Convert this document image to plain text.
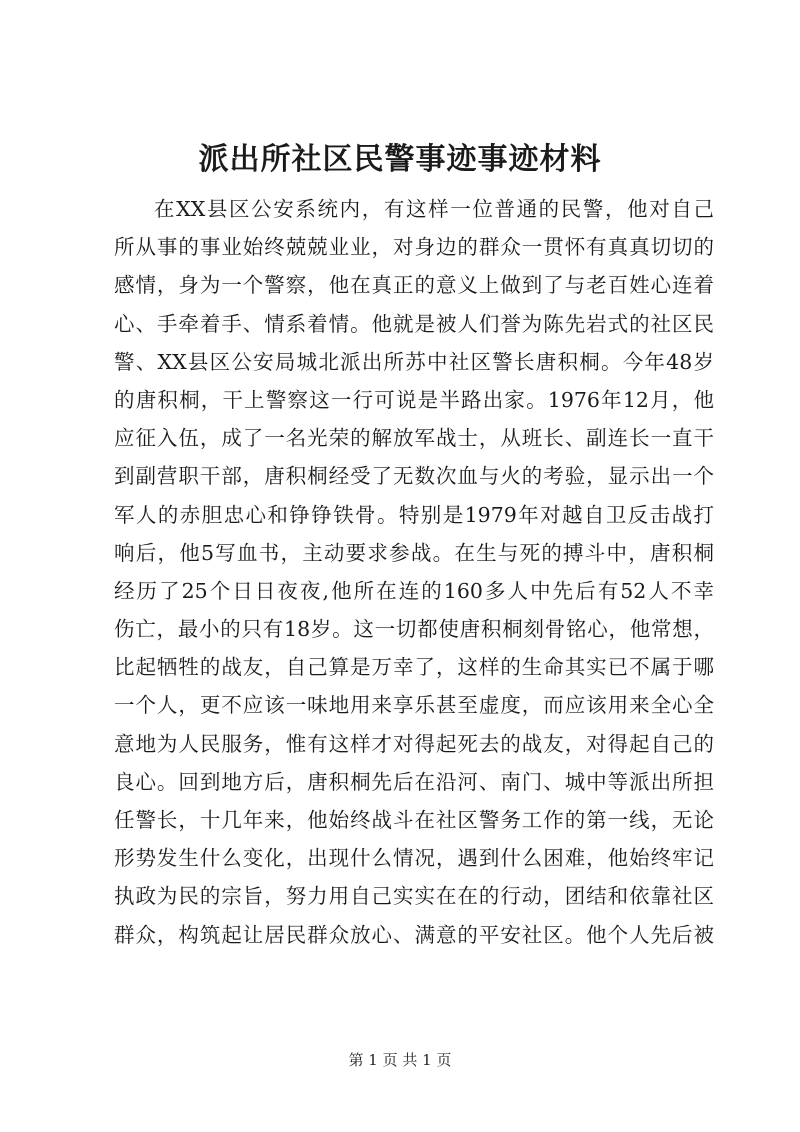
派出所社区民警事迹事迹材料
在XX县区公安系统内，有这样一位普通的民警，他对自己
所从事的事业始终兢兢业业，对身边的群众一贯怀有真真切切的
感情，身为一个警察，他在真正的意义上做到了与老百姓心连着
心、手牵着手、情系着情。他就是被人们誉为陈先岩式的社区民
警、XX县区公安局城北派出所苏中社区警长唐积桐。今年48岁
的唐积桐，干上警察这一行可说是半路出家。1976年12月，他
应征入伍，成了一名光荣的解放军战士，从班长、副连长一直干
到副营职干部，唐积桐经受了无数次血与火的考验，显示出一个
军人的赤胆忠心和铮铮铁骨。特别是1979年对越自卫反击战打
响后，他5写血书，主动要求参战。在生与死的搏斗中，唐积桐
经历了25个日日夜夜,他所在连的160多人中先后有52人不幸
伤亡，最小的只有18岁。这一切都使唐积桐刻骨铭心，他常想，
比起牺牲的战友，自己算是万幸了，这样的生命其实已不属于哪
一个人，更不应该一味地用来享乐甚至虚度，而应该用来全心全
意地为人民服务，惟有这样才对得起死去的战友，对得起自己的
良心。回到地方后，唐积桐先后在沿河、南门、城中等派出所担
任警长，十几年来，他始终战斗在社区警务工作的第一线，无论
形势发生什么变化，出现什么情况，遇到什么困难，他始终牢记
执政为民的宗旨，努力用自己实实在在的行动，团结和依靠社区
群众，构筑起让居民群众放心、满意的平安社区。他个人先后被
第 1 页 共 1 页
